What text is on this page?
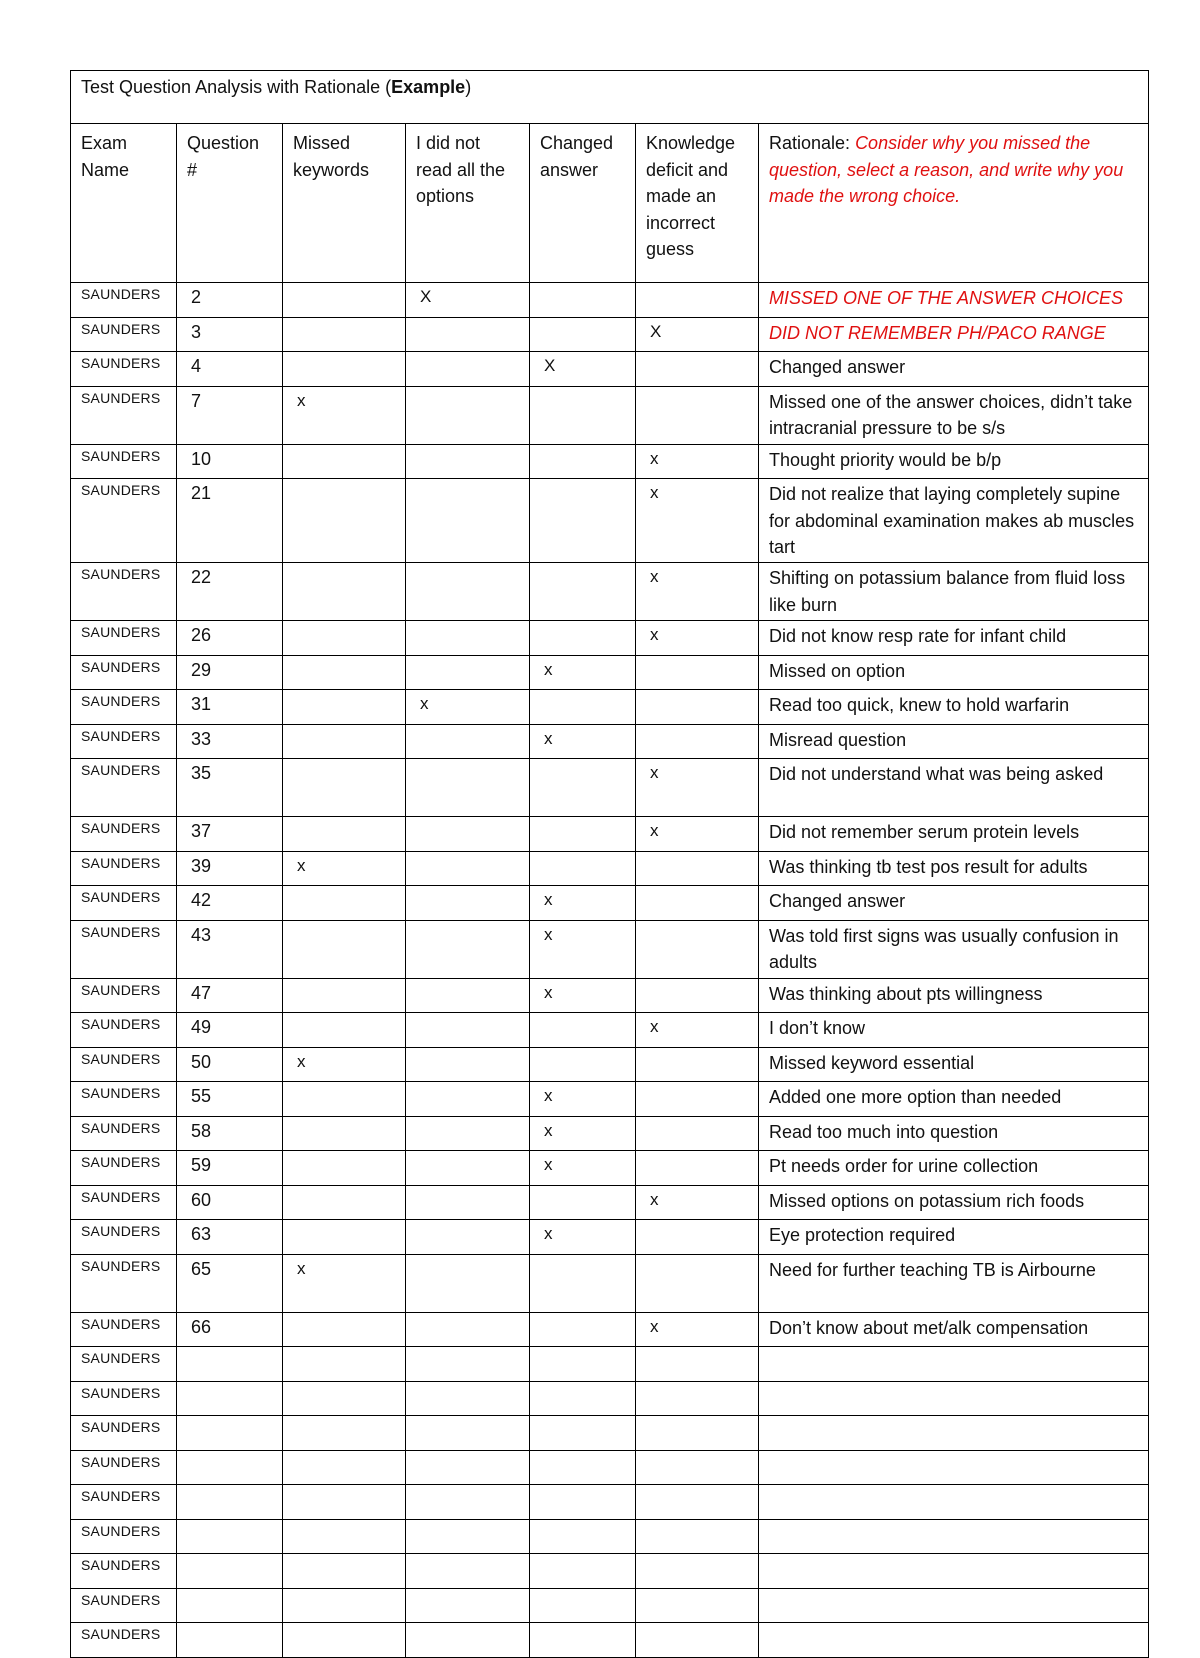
Test Question Analysis with Rationale (Example)						
Exam Name	Question #	Missed keywords	I did not read all the options	Changed answer	Knowledge deficit and made an incorrect guess	Rationale: Consider why you missed the question, select a reason, and write why you made the wrong choice.
SAUNDERS	2		X			MISSED ONE OF THE ANSWER CHOICES
SAUNDERS	3				X	DID NOT REMEMBER PH/PACO RANGE
SAUNDERS	4			X		Changed answer
SAUNDERS	7	x				Missed one of the answer choices, didn’t take intracranial pressure to be s/s
SAUNDERS	10				x	Thought priority would be b/p
SAUNDERS	21				x	Did not realize that laying completely supine for abdominal examination makes ab muscles tart
SAUNDERS	22				x	Shifting on potassium balance from fluid loss like burn
SAUNDERS	26				x	Did not know resp rate for infant child
SAUNDERS	29			x		Missed on option
SAUNDERS	31		x			Read too quick, knew to hold warfarin
SAUNDERS	33			x		Misread question
SAUNDERS	35				x	Did not understand what was being asked
SAUNDERS	37				x	Did not remember serum protein levels
SAUNDERS	39	x				Was thinking tb test pos result for adults
SAUNDERS	42			x		Changed answer
SAUNDERS	43			x		Was told first signs was usually confusion in adults
SAUNDERS	47			x		Was thinking about pts willingness
SAUNDERS	49				x	I don’t know
SAUNDERS	50	x				Missed keyword essential
SAUNDERS	55			x		Added one more option than needed
SAUNDERS	58			x		Read too much into question
SAUNDERS	59			x		Pt needs order for urine collection
SAUNDERS	60				x	Missed options on potassium rich foods
SAUNDERS	63			x		Eye protection required
SAUNDERS	65	x				Need for further teaching TB is Airbourne
SAUNDERS	66				x	Don’t know about met/alk compensation
SAUNDERS						
SAUNDERS						
SAUNDERS						
SAUNDERS						
SAUNDERS						
SAUNDERS						
SAUNDERS						
SAUNDERS						
SAUNDERS						
